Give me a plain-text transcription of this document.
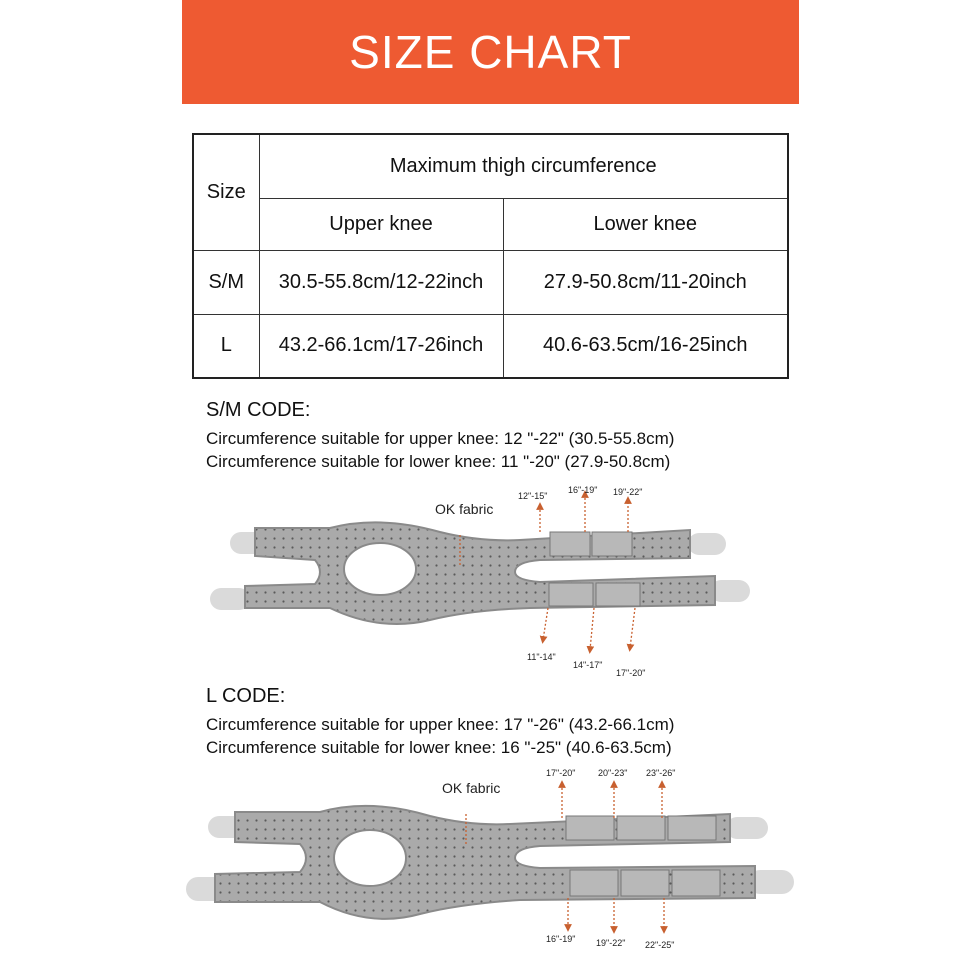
SIZE CHART
Size	Maximum thigh circumference	
	Upper knee	Lower knee
S/M	30.5-55.8cm/12-22inch	27.9-50.8cm/11-20inch
L	43.2-66.1cm/17-26inch	40.6-63.5cm/16-25inch
S/M CODE:
Circumference suitable for upper knee: 12 "-22" (30.5-55.8cm)
Circumference suitable for lower knee: 11 "-20" (27.9-50.8cm)
OK fabric
12"-15"
16"-19" 19"-22"
11"-14"
14"-17"
17"-20"
L CODE:
Circumference suitable for upper knee: 17 "-26" (43.2-66.1cm)
Circumference suitable for lower knee: 16 "-25" (40.6-63.5cm)
OK fabric
17"-20"	20"-23" 23"-26"
16"-19" 19"-22" 22"-25"
